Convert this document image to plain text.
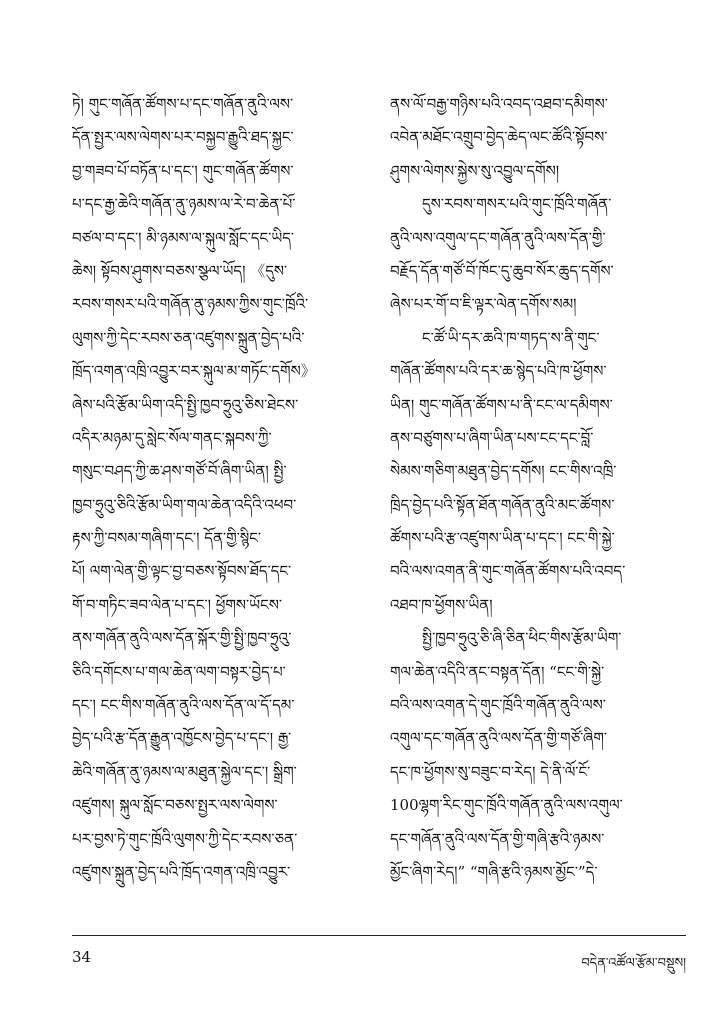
ཏེ། གུང་གཞོན་ཚོགས་པ་དང་གཞོན་ནུའི་ལས་
དོན་སྤྱར་ལས་ལེགས་པར་བསྐྱབ་རྒྱུའི་ཐད་སྐྱང་
བྱ་གཟབ་པོ་བཏོན་པ་དང་། གུང་གཞོན་ཚོགས་
པ་དང་རྒྱ་ཆེའི་གཞོན་ནུ་ཉམས་ལ་རེ་བ་ཆེན་པོ་
བཙལ་བ་དང་། མི་ཉམས་ལ་སྐུལ་སློང་དང་ཡིད་
ཆེས། སྟོབས་ཤུགས་བཅས་སྩལ་ཡོད། 《དུས་
རབས་གསར་པའི་གཞོན་ནུ་ཉམས་ཀྱིས་གུང་ཁྲོའི་
ལུགས་ཀྱི་དེང་རབས་ཅན་འཛུགས་སྐྲུན་བྱེད་པའི་
ཁྲོད་འགན་འཁྲི་འབྱུར་བར་སྐུལ་མ་གཏོང་དགོས》
ཞེས་པའི་རྩོམ་ཡིག་འདི་སྤྱི་ཁྱབ་ཧྲུའུ་ཅིས་ཐེངས་
འདིར་མཉམ་དུ་སླེང་སོལ་གནང་སྐབས་ཀྱི་
གསུང་བཤད་ཀྱི་ཆ་ཤས་གཙོ་བོ་ཞིག་ཡིན། སྤྱི་
ཁྱབ་ཧྲུའུ་ཅིའི་རྩོམ་ཡིག་གལ་ཆེན་འདིའི་འཕབ་
རྟས་ཀྱི་བསམ་གཞིག་དང་། དོན་གྱི་སྙིང་
པོ། ལག་ལེན་གྱི་ལྟང་བྱ་བཅས་སྟོབས་ཐོད་དང་
གོ་བ་གཏིང་ཟབ་ལེན་པ་དང་། ཕྱོགས་ཡོངས་
ནས་གཞོན་ནུའི་ལས་དོན་སྐོར་གྱི་སྤྱི་ཁྱབ་ཧྲུའུ་
ཅིའི་དགོངས་པ་གལ་ཆེན་ལག་བསྟར་བྱེད་པ་
དང་། ངང་གིས་གཞོན་ནུའི་ལས་དོན་ལ་དོ་དམ་
བྱེད་པའི་རྩ་དོན་རྒྱུན་འཁྱོངས་བྱེད་པ་དང་། རྒྱ་
ཆེའི་གཞོན་ནུ་ཉམས་ལ་མཐུན་སྐྱེལ་དང་། སྒྲིག་
འཛུགས། སྐུལ་སློང་བཅས་སྤྱར་ལས་ལེགས་
པར་བྱས་ཏེ་གུང་ཁྲོའི་ལུགས་ཀྱི་དེང་རབས་ཅན་
འཛུགས་སྐྲུན་བྱེད་པའི་ཁྲོད་འགན་འཁྲི་འབྱུར་
ནས་ལོ་བརྒྱ་གཉིས་པའི་འབད་འཐབ་དམིགས་
འབེན་མཐོང་འགྲུབ་བྱེད་ཆེད་ལང་ཚོའི་སྟོབས་
ཤུགས་ལེགས་སྐྱེས་སུ་འབྱུལ་དགོས།
དུས་རབས་གསར་པའི་གུང་ཁྲོའི་གཞོན་
ནུའི་ལས་འགུལ་དང་གཞོན་ནུའི་ལས་དོན་གྱི་
བརྗོད་དོན་གཙོ་བོ་ཁོང་དུ་ཆུབ་སོར་ཆུད་དགོས་
ཞེས་པར་གོ་བ་ཇི་ལྟར་ལེན་དགོས་སམ།
ང་ཚོ་ཡི་དར་ཆའི་ཁ་གཏད་ས་ནི་གུང་
གཞོན་ཚོགས་པའི་དར་ཆ་སྙེད་པའི་ཁ་ཕྱོགས་
ཡིན། གུང་གཞོན་ཚོགས་པ་ནི་ངང་ལ་དམིགས་
ནས་བཙུགས་པ་ཞིག་ཡིན་པས་ངང་དང་བློ་
སེམས་གཅིག་མཐུན་བྱེད་དགོས། ངང་གིས་འཁྲི་
ཁྲིད་བྱེད་པའི་སྟོན་ཐོན་གཞོན་ནུའི་མང་ཚོགས་
ཚོགས་པའི་རྩ་འཛུགས་ཡིན་པ་དང་། ངང་གི་སྐྱེ་
བའི་ལས་འགན་ནི་གུང་གཞོན་ཚོགས་པའི་འབད་
འཐབ་ཁ་ཕྱོགས་ཡིན།
སྤྱི་ཁྱབ་ཧྲུའུ་ཅི་ཞི་ཅིན་ཕིང་གིས་རྩོམ་ཡིག་
གལ་ཆེན་འདིའི་ནང་བསྟན་དོན། “ངང་གི་སྐྱེ་
བའི་ལས་འགན་དེ་གུང་ཁྲོའི་གཞོན་ནུའི་ལས་
འགུལ་དང་གཞོན་ནུའི་ལས་དོན་གྱི་གཙོ་ཞིག་
དང་ཁ་ཕྱོགས་སུ་བཟུང་བ་རེད། དེ་ནི་ལོ་ངོ་
100ལྷག་རིང་གུང་ཁྲོའི་གཞོན་ནུའི་ལས་འགུལ་
དང་གཞོན་ནུའི་ལས་དོན་གྱི་གཞི་རྩའི་ཉམས་
མྱོང་ཞིག་རེད།” “གཞི་རྩའི་ཉམས་མྱོང་”དེ་
34	བདེན་འཚོལ་རྩོམ་བསྡུས།
